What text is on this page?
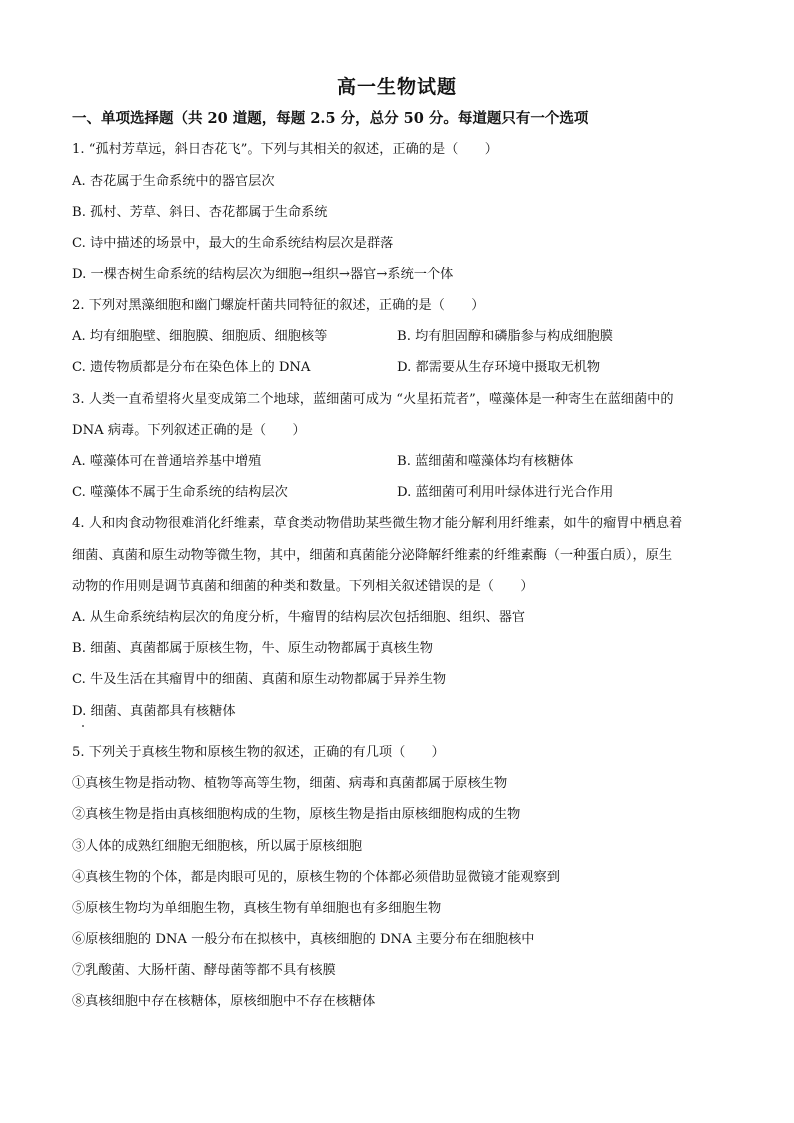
高一生物试题
一、单项选择题（共 20 道题，每题 2.5 分，总分 50 分。每道题只有一个选项
1. “孤村芳草远，斜日杏花飞”。下列与其相关的叙述，正确的是（　　）
A. 杏花属于生命系统中的器官层次
B. 孤村、芳草、斜日、杏花都属于生命系统
C. 诗中描述的场景中，最大的生命系统结构层次是群落
D. 一棵杏树生命系统的结构层次为细胞→组织→器官→系统一个体
2. 下列对黑藻细胞和幽门螺旋杆菌共同特征的叙述，正确的是（　　）
A. 均有细胞壁、细胞膜、细胞质、细胞核等	B. 均有胆固醇和磷脂参与构成细胞膜
C. 遗传物质都是分布在染色体上的 DNA	D. 都需要从生存环境中摄取无机物
3. 人类一直希望将火星变成第二个地球，蓝细菌可成为 “火星拓荒者”，噬藻体是一种寄生在蓝细菌中的
DNA 病毒。下列叙述正确的是（　　）
A. 噬藻体可在普通培养基中增殖	B. 蓝细菌和噬藻体均有核糖体
C. 噬藻体不属于生命系统的结构层次	D. 蓝细菌可利用叶绿体进行光合作用
4. 人和肉食动物很难消化纤维素，草食类动物借助某些微生物才能分解利用纤维素，如牛的瘤胃中栖息着
细菌、真菌和原生动物等微生物，其中，细菌和真菌能分泌降解纤维素的纤维素酶（一种蛋白质），原生
动物的作用则是调节真菌和细菌的种类和数量。下列相关叙述错误的是（　　）
A. 从生命系统结构层次的角度分析，牛瘤胃的结构层次包括细胞、组织、器官
B. 细菌、真菌都属于原核生物，牛、原生动物都属于真核生物
C. 牛及生活在其瘤胃中的细菌、真菌和原生动物都属于异养生物
D. 细菌、真菌都具有核糖体
5. 下列关于真核生物和原核生物的叙述，正确的有几项（　　）
①真核生物是指动物、植物等高等生物，细菌、病毒和真菌都属于原核生物
②真核生物是指由真核细胞构成的生物，原核生物是指由原核细胞构成的生物
③人体的成熟红细胞无细胞核，所以属于原核细胞
④真核生物的个体，都是肉眼可见的，原核生物的个体都必须借助显微镜才能观察到
⑤原核生物均为单细胞生物，真核生物有单细胞也有多细胞生物
⑥原核细胞的 DNA 一般分布在拟核中，真核细胞的 DNA 主要分布在细胞核中
⑦乳酸菌、大肠杆菌、酵母菌等都不具有核膜
⑧真核细胞中存在核糖体，原核细胞中不存在核糖体
